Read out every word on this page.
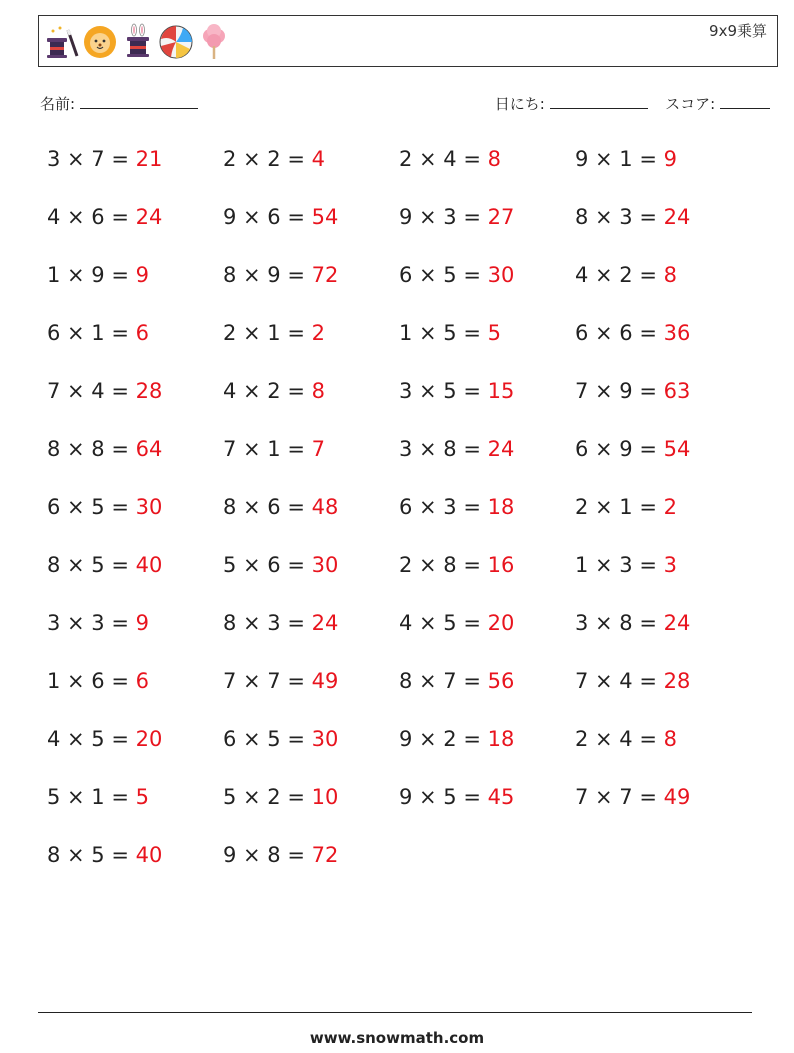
9x9乗算
名前:	日にち:	スコア:
3 × 7 = 21	2 × 2 = 4	2 × 4 = 8	9 × 1 = 9
4 × 6 = 24	9 × 6 = 54	9 × 3 = 27	8 × 3 = 24
1 × 9 = 9	8 × 9 = 72	6 × 5 = 30	4 × 2 = 8
6 × 1 = 6	2 × 1 = 2	1 × 5 = 5	6 × 6 = 36
7 × 4 = 28	4 × 2 = 8	3 × 5 = 15	7 × 9 = 63
8 × 8 = 64	7 × 1 = 7	3 × 8 = 24	6 × 9 = 54
6 × 5 = 30	8 × 6 = 48	6 × 3 = 18	2 × 1 = 2
8 × 5 = 40	5 × 6 = 30	2 × 8 = 16	1 × 3 = 3
3 × 3 = 9	8 × 3 = 24	4 × 5 = 20	3 × 8 = 24
1 × 6 = 6	7 × 7 = 49	8 × 7 = 56	7 × 4 = 28
4 × 5 = 20	6 × 5 = 30	9 × 2 = 18	2 × 4 = 8
5 × 1 = 5	5 × 2 = 10	9 × 5 = 45	7 × 7 = 49
8 × 5 = 40	9 × 8 = 72
www.snowmath.com
